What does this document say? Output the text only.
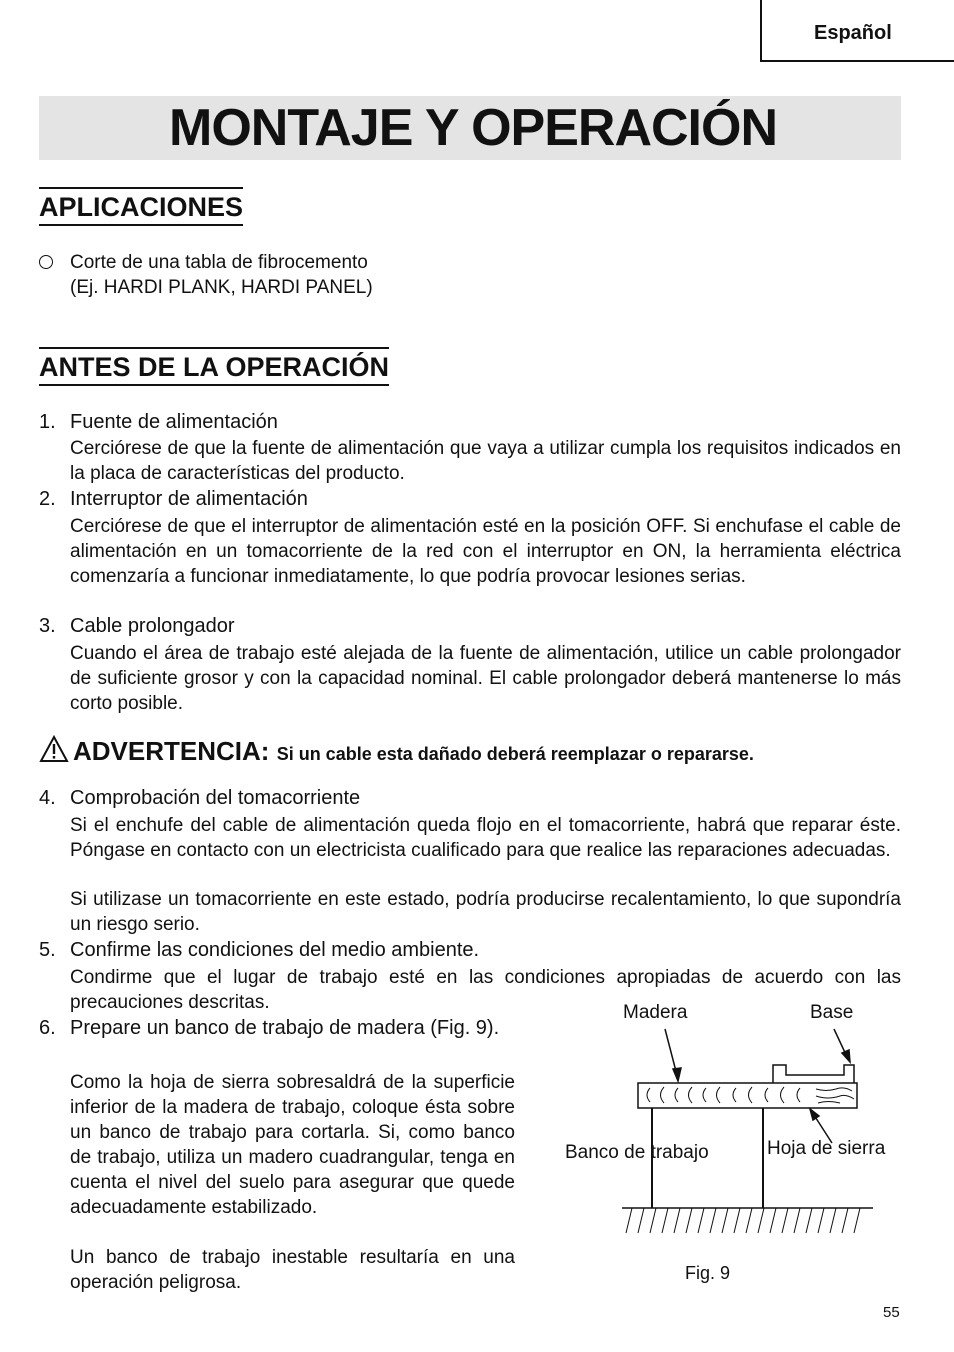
Español
MONTAJE Y OPERACIÓN
APLICACIONES

Corte de una tabla de fibrocemento

(Ej. HARDI PLANK, HARDI PANEL)

ANTES DE LA OPERACIÓN
1. Fuente de alimentación
Cerciórese de que la fuente de alimentación que vaya a utilizar cumpla los requisitos indicados en la placa de características del producto.
2. Interruptor de alimentación
Cerciórese de que el interruptor de alimentación esté en la posición OFF. Si enchufase el cable de alimentación en un tomacorriente de la red con el interruptor en ON, la herramienta eléctrica comenzaría a funcionar inmediatamente, lo que podría provocar lesiones serias.
3. Cable prolongador
Cuando el área de trabajo esté alejada de la fuente de alimentación, utilice un cable prolongador de suficiente grosor y con la capacidad nominal. El cable prolongador deberá mantenerse lo más corto posible.
ADVERTENCIA: Si un cable esta dañado deberá reemplazar o repararse.
4. Comprobación del tomacorriente
Si el enchufe del cable de alimentación queda flojo en el tomacorriente, habrá que reparar éste. Póngase en contacto con un electricista cualificado para que realice las reparaciones adecuadas.
Si utilizase un tomacorriente en este estado, podría producirse recalentamiento, lo que supondría un riesgo serio.
5. Confirme las condiciones del medio ambiente.
Condirme que el lugar de trabajo esté en las condiciones apropiadas de acuerdo con las precauciones descritas.
6. Prepare un banco de trabajo de madera (Fig. 9).
Como la hoja de sierra sobresaldrá de la superficie inferior de la madera de trabajo, coloque ésta sobre un banco de trabajo para cortarla. Si, como banco de trabajo, utiliza un madero cuadrangular, tenga en cuenta el nivel del suelo para asegurar que quede adecuadamente estabilizado.
Un banco de trabajo inestable resultaría en una operación peligrosa.
Madera	Base
Banco de trabajo	Hoja de sierra
Fig. 9
55
